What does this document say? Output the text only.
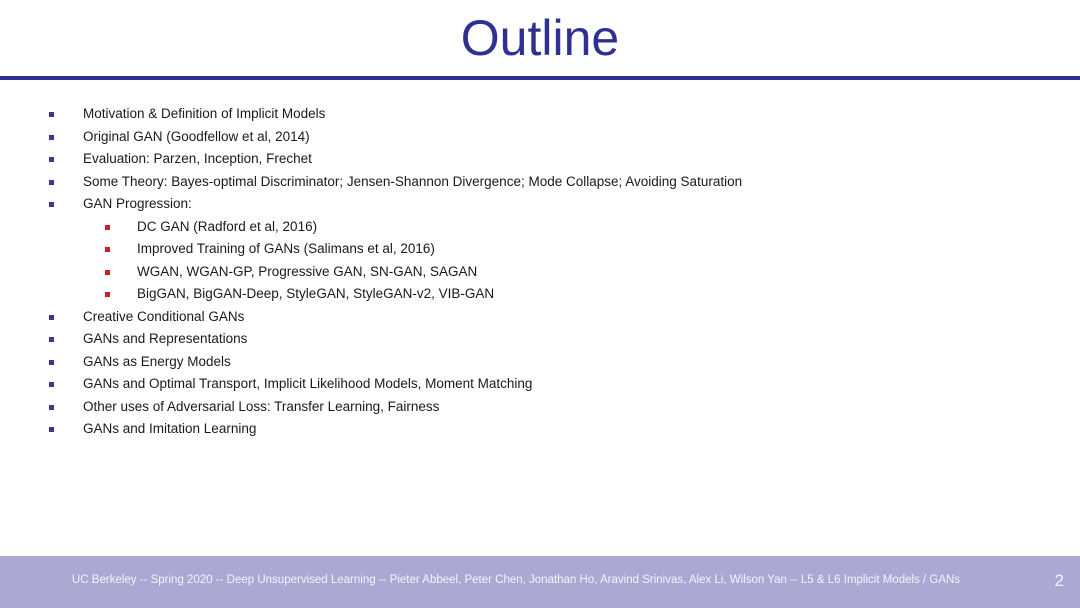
Outline
Motivation & Definition of Implicit Models
Original GAN (Goodfellow et al, 2014)
Evaluation: Parzen, Inception, Frechet
Some Theory: Bayes-optimal Discriminator; Jensen-Shannon Divergence; Mode Collapse; Avoiding Saturation
GAN Progression:
DC GAN (Radford et al, 2016)
Improved Training of GANs (Salimans et al, 2016)
WGAN, WGAN-GP, Progressive GAN, SN-GAN, SAGAN
BigGAN, BigGAN-Deep, StyleGAN, StyleGAN-v2, VIB-GAN
Creative Conditional GANs
GANs and Representations
GANs as Energy Models
GANs and Optimal Transport, Implicit Likelihood Models, Moment Matching
Other uses of Adversarial Loss: Transfer Learning, Fairness
GANs and Imitation Learning
UC Berkeley -- Spring 2020 -- Deep Unsupervised Learning -- Pieter Abbeel, Peter Chen, Jonathan Ho, Aravind Srinivas, Alex Li, Wilson Yan -- L5 & L6 Implicit Models / GANs	2
